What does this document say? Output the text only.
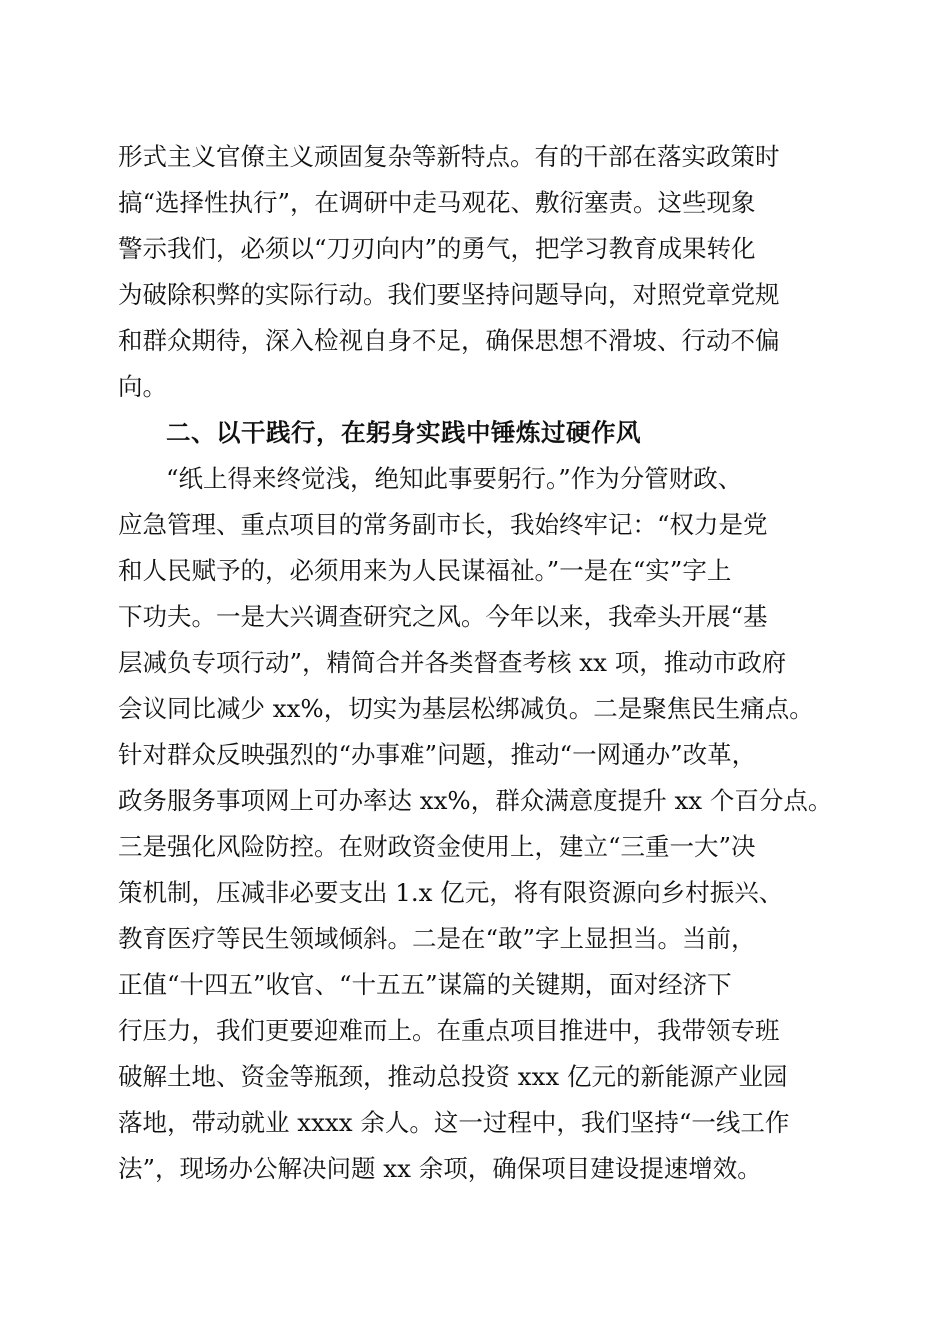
形式主义官僚主义顽固复杂等新特点。有的干部在落实政策时
搞“选择性执行”，在调研中走马观花、敷衍塞责。这些现象
警示我们，必须以“刀刃向内”的勇气，把学习教育成果转化
为破除积弊的实际行动。我们要坚持问题导向，对照党章党规
和群众期待，深入检视自身不足，确保思想不滑坡、行动不偏
向。
二、以干践行，在躬身实践中锤炼过硬作风
“纸上得来终觉浅，绝知此事要躬行。”作为分管财政、
应急管理、重点项目的常务副市长，我始终牢记：“权力是党
和人民赋予的，必须用来为人民谋福祉。”一是在“实”字上
下功夫。一是大兴调查研究之风。今年以来，我牵头开展“基
层减负专项行动”，精简合并各类督查考核 xx 项，推动市政府
会议同比减少 xx%，切实为基层松绑减负。二是聚焦民生痛点。
针对群众反映强烈的“办事难”问题，推动“一网通办”改革，
政务服务事项网上可办率达 xx%，群众满意度提升 xx 个百分点。
三是强化风险防控。在财政资金使用上，建立“三重一大”决
策机制，压减非必要支出 1.x 亿元，将有限资源向乡村振兴、
教育医疗等民生领域倾斜。二是在“敢”字上显担当。当前，
正值“十四五”收官、“十五五”谋篇的关键期，面对经济下
行压力，我们更要迎难而上。在重点项目推进中，我带领专班
破解土地、资金等瓶颈，推动总投资 xxx 亿元的新能源产业园
落地，带动就业 xxxx 余人。这一过程中，我们坚持“一线工作
法”，现场办公解决问题 xx 余项，确保项目建设提速增效。
